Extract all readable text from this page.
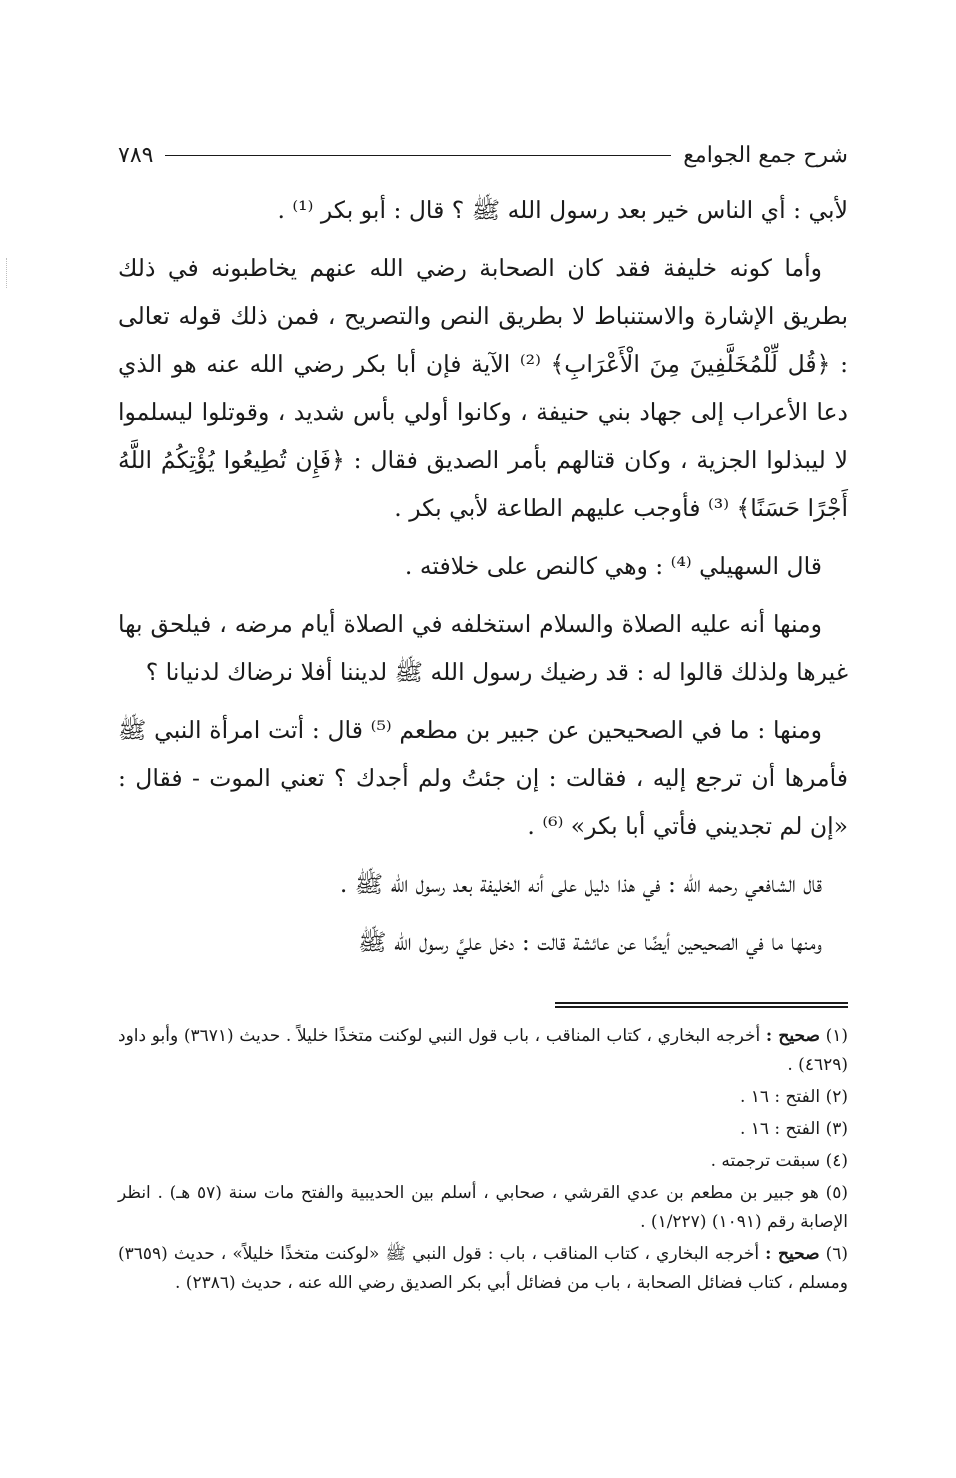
شرح جمع الجوامع
٧٨٩

لأبي : أي الناس خير بعد رسول الله ﷺ ؟ قال : أبو بكر ⁽¹⁾ .

وأما كونه خليفة فقد كان الصحابة رضي الله عنهم يخاطبونه في ذلك بطريق الإشارة والاستنباط لا بطريق النص والتصريح ، فمن ذلك قوله تعالى : ﴿قُل لِّلْمُخَلَّفِينَ مِنَ الْأَعْرَابِ﴾ ⁽²⁾ الآية فإن أبا بكر رضي الله عنه هو الذي دعا الأعراب إلى جهاد بني حنيفة ، وكانوا أولي بأس شديد ، وقوتلوا ليسلموا لا ليبذلوا الجزية ، وكان قتالهم بأمر الصديق فقال : ﴿فَإِن تُطِيعُوا يُؤْتِكُمُ اللَّهُ أَجْرًا حَسَنًا﴾ ⁽³⁾ فأوجب عليهم الطاعة لأبي بكر .

قال السهيلي ⁽⁴⁾ : وهي كالنص على خلافته .

ومنها أنه عليه الصلاة والسلام استخلفه في الصلاة أيام مرضه ، فيلحق بها غيرها ولذلك قالوا له : قد رضيك رسول الله ﷺ لديننا أفلا نرضاك لدنيانا ؟

ومنها : ما في الصحيحين عن جبير بن مطعم ⁽⁵⁾ قال : أتت امرأة النبي ﷺ فأمرها أن ترجع إليه ، فقالت : إن جئتُ ولم أجدك ؟ تعني الموت - فقال : «إن لم تجديني فأتي أبا بكر» ⁽⁶⁾ .

قال الشافعي رحمه الله : في هذا دليل على أنه الخليفة بعد رسول الله ﷺ .

ومنها ما في الصحيحين أيضًا عن عائشة قالت : دخل عليَّ رسول الله ﷺ

(١) صحيح : أخرجه البخاري ، كتاب المناقب ، باب قول النبي لوكنت متخذًا خليلاً . حديث (٣٦٧١) وأبو داود (٤٦٢٩) .

(٢) الفتح : ١٦ .

(٣) الفتح : ١٦ .

(٤) سبقت ترجمته .

(٥) هو جبير بن مطعم بن عدي القرشي ، صحابي ، أسلم بين الحديبية والفتح مات سنة (٥٧ هـ) . انظر الإصابة رقم (١٠٩١) (١/٢٢٧) .

(٦) صحيح : أخرجه البخاري ، كتاب المناقب ، باب : قول النبي ﷺ «لوكنت متخذًا خليلاً» ، حديث (٣٦٥٩) ومسلم ، كتاب فضائل الصحابة ، باب من فضائل أبي بكر الصديق رضي الله عنه ، حديث (٢٣٨٦) .
